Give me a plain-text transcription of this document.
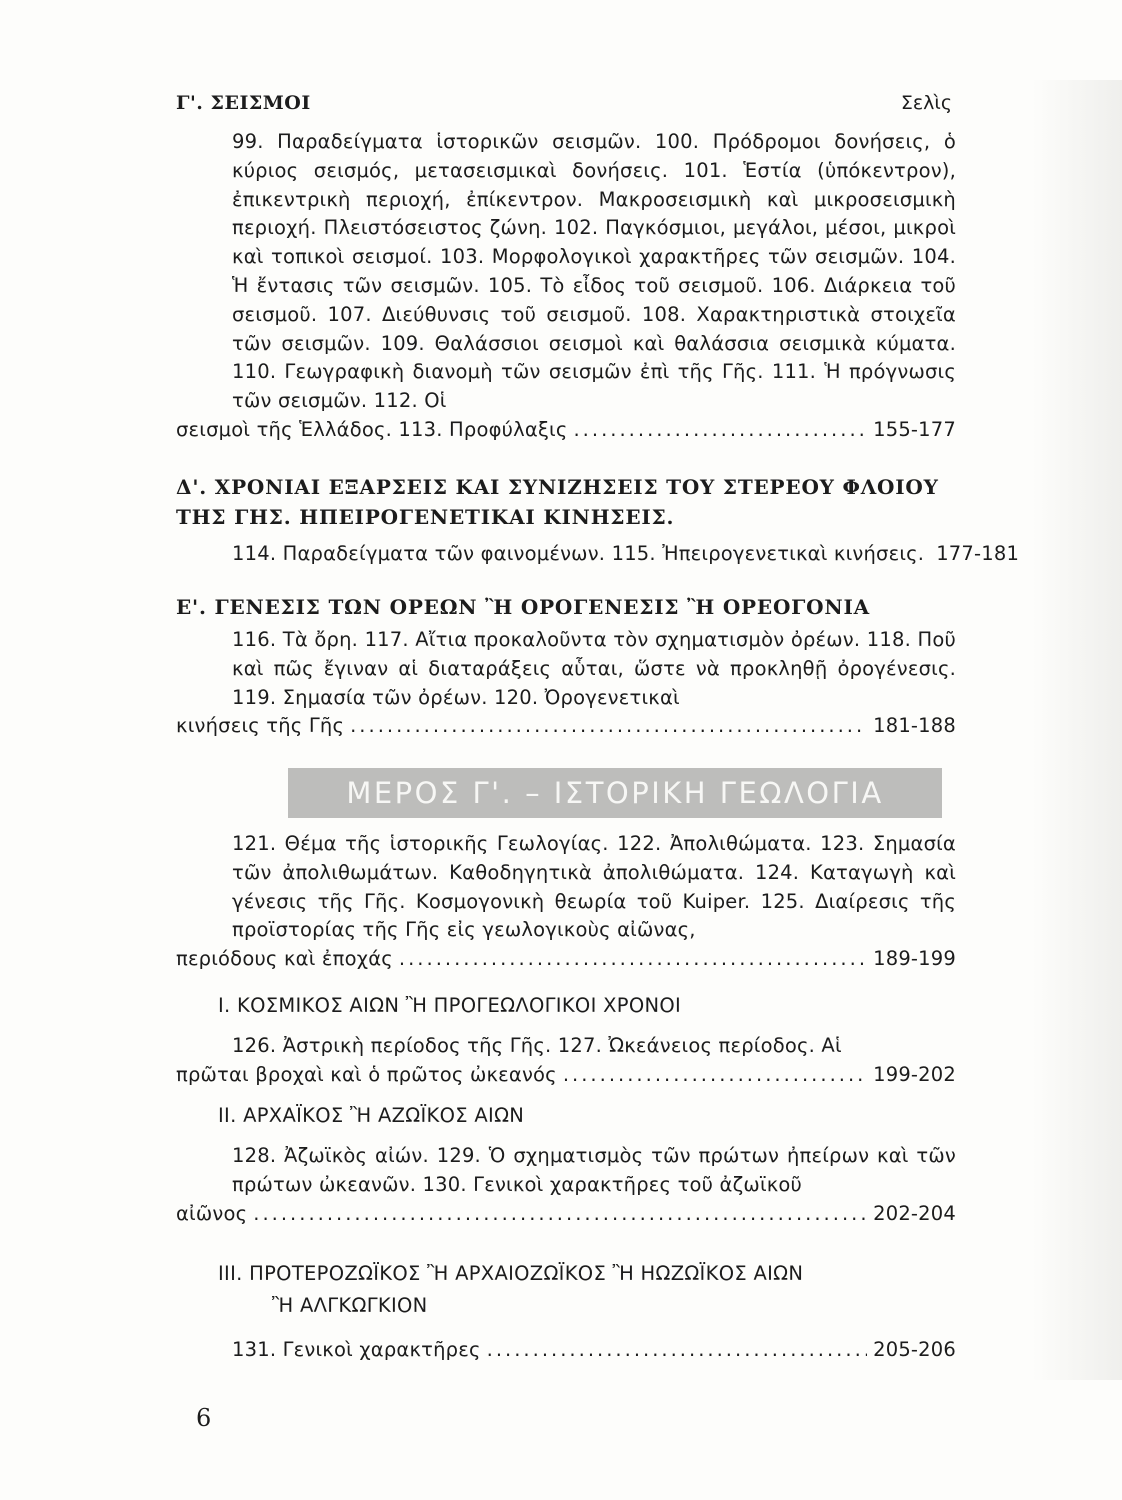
Γ'. ΣΕΙΣΜΟΙ	Σελὶς
99. Παραδείγματα ἱστορικῶν σεισμῶν. 100. Πρόδρομοι δονήσεις, ὁ κύριος σεισμός, μετασεισμικαὶ δονήσεις. 101. Ἑστία (ὑπόκεντρον), ἐπικεντρικὴ περιοχή, ἐπίκεντρον. Μακροσεισμικὴ καὶ μικροσεισμικὴ περιοχή. Πλειστόσειστος ζώνη. 102. Παγκόσμιοι, μεγάλοι, μέσοι, μικροὶ καὶ τοπικοὶ σεισμοί. 103. Μορφολογικοὶ χαρακτῆρες τῶν σεισμῶν. 104. Ἡ ἔντασις τῶν σεισμῶν. 105. Τὸ εἶδος τοῦ σεισμοῦ. 106. Διάρκεια τοῦ σεισμοῦ. 107. Διεύθυνσις τοῦ σεισμοῦ. 108. Χαρακτηριστικὰ στοιχεῖα τῶν σεισμῶν. 109. Θαλάσσιοι σεισμοὶ καὶ θαλάσσια σεισμικὰ κύματα. 110. Γεωγραφικὴ διανομὴ τῶν σεισμῶν ἐπὶ τῆς Γῆς. 111. Ἡ πρόγνωσις τῶν σεισμῶν. 112. Οἱ
σεισμοὶ τῆς Ἑλλάδος. 113. Προφύλαξις .....	155-177
Δ'. ΧΡΟΝΙΑΙ ΕΞΑΡΣΕΙΣ ΚΑΙ ΣΥΝΙΖΗΣΕΙΣ ΤΟΥ ΣΤΕΡΕΟΥ ΦΛΟΙΟΥ ΤΗΣ ΓΗΣ. ΗΠΕΙΡΟΓΕΝΕΤΙΚΑΙ ΚΙΝΗΣΕΙΣ.
114. Παραδείγματα τῶν φαινομένων. 115. Ἠπειρογενετικαὶ κινήσεις. 177-181
Ε'. ΓΕΝΕΣΙΣ ΤΩΝ ΟΡΕΩΝ Ἢ ΟΡΟΓΕΝΕΣΙΣ Ἢ ΟΡΕΟΓΟΝΙΑ
116. Τὰ ὄρη. 117. Αἴτια προκαλοῦντα τὸν σχηματισμὸν ὀρέων. 118. Ποῦ καὶ πῶς ἔγιναν αἱ διαταράξεις αὗται, ὥστε νὰ προκληθῇ ὀρογένεσις. 119. Σημασία τῶν ὀρέων. 120. Ὀρογενετικαὶ
κινήσεις τῆς Γῆς .....	181-188
ΜΕΡΟΣ Γ'. – ΙΣΤΟΡΙΚΗ ΓΕΩΛΟΓΙΑ
121. Θέμα τῆς ἱστορικῆς Γεωλογίας. 122. Ἀπολιθώματα. 123. Σημασία τῶν ἀπολιθωμάτων. Καθοδηγητικὰ ἀπολιθώματα. 124. Καταγωγὴ καὶ γένεσις τῆς Γῆς. Κοσμογονικὴ θεωρία τοῦ Kuiper. 125. Διαίρεσις τῆς προϊστορίας τῆς Γῆς εἰς γεωλογικοὺς αἰῶνας,
περιόδους καὶ ἐποχάς .....	189-199
I. ΚΟΣΜΙΚΟΣ ΑΙΩΝ Ἢ ΠΡΟΓΕΩΛΟΓΙΚΟΙ ΧΡΟΝΟΙ
126. Ἀστρικὴ περίοδος τῆς Γῆς. 127. Ὠκεάνειος περίοδος. Αἱ
πρῶται βροχαὶ καὶ ὁ πρῶτος ὠκεανός .....	199-202
II. ΑΡΧΑΪΚΟΣ Ἢ ΑΖΩΪΚΟΣ ΑΙΩΝ
128. Ἀζωϊκὸς αἰών. 129. Ὁ σχηματισμὸς τῶν πρώτων ἠπείρων καὶ τῶν πρώτων ὠκεανῶν. 130. Γενικοὶ χαρακτῆρες τοῦ ἀζωϊκοῦ
αἰῶνος .....	202-204
III. ΠΡΟΤΕΡΟΖΩΪΚΟΣ Ἢ ΑΡΧΑΙΟΖΩΪΚΟΣ Ἢ ΗΩΖΩΪΚΟΣ ΑΙΩΝ
Ἢ ΑΛΓΚΩΓΚΙΟΝ
131. Γενικοὶ χαρακτῆρες .....	205-206
6
